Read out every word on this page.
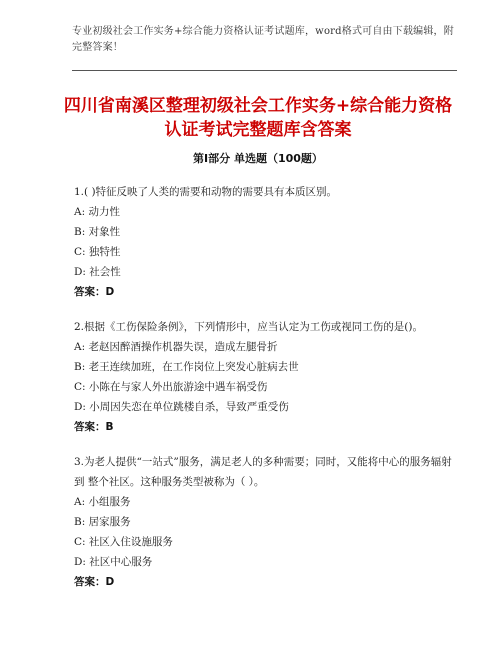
专业初级社会工作实务+综合能力资格认证考试题库，word格式可自由下载编辑，附完整答案！
四川省南溪区整理初级社会工作实务+综合能力资格认证考试完整题库含答案
第Ⅰ部分 单选题（100题）
1.( )特征反映了人类的需要和动物的需要具有本质区别。
A: 动力性
B: 对象性
C: 独特性
D: 社会性
答案：D
2.根据《工伤保险条例》，下列情形中，应当认定为工伤或视同工伤的是()。
A: 老赵因醉酒操作机器失误，造成左腿骨折
B: 老王连续加班，在工作岗位上突发心脏病去世
C: 小陈在与家人外出旅游途中遇车祸受伤
D: 小周因失恋在单位跳楼自杀，导致严重受伤
答案：B
3.为老人提供“一站式”服务，满足老人的多种需要；同时，又能将中心的服务辐射到 整个社区。这种服务类型被称为（ ）。
A: 小组服务
B: 居家服务
C: 社区入住设施服务
D: 社区中心服务
答案：D
